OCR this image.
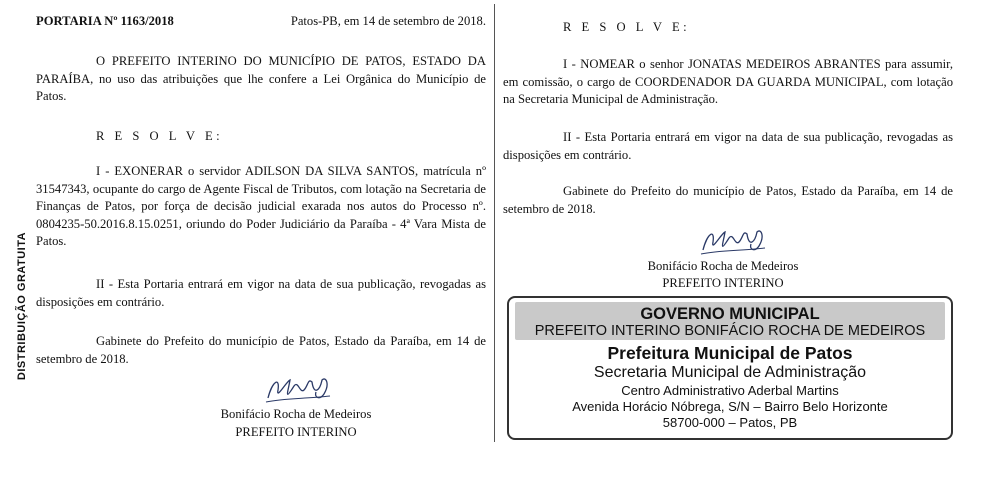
DISTRIBUIÇÃO GRATUITA
PORTARIA Nº 1163/2018	Patos-PB, em 14 de setembro de 2018.

O PREFEITO INTERINO DO MUNICÍPIO DE PATOS, ESTADO DA PARAÍBA, no uso das atribuições que lhe confere a Lei Orgânica do Município de Patos.

R E S O L V E:

I - EXONERAR o servidor ADILSON DA SILVA SANTOS, matrícula nº 31547343, ocupante do cargo de Agente Fiscal de Tributos, com lotação na Secretaria de Finanças de Patos, por força de decisão judicial exarada nos autos do Processo nº. 0804235-50.2016.8.15.0251, oriundo do Poder Judiciário da Paraíba - 4ª Vara Mista de Patos.

II - Esta Portaria entrará em vigor na data de sua publicação, revogadas as disposições em contrário.

Gabinete do Prefeito do município de Patos, Estado da Paraíba, em 14 de setembro de 2018.

Bonifácio Rocha de Medeiros
PREFEITO INTERINO
R E S O L V E:

I - NOMEAR o senhor JONATAS MEDEIROS ABRANTES para assumir, em comissão, o cargo de COORDENADOR DA GUARDA MUNICIPAL, com lotação na Secretaria Municipal de Administração.

II - Esta Portaria entrará em vigor na data de sua publicação, revogadas as disposições em contrário.

Gabinete do Prefeito do município de Patos, Estado da Paraíba, em 14 de setembro de 2018.

Bonifácio Rocha de Medeiros
PREFEITO INTERINO
GOVERNO MUNICIPAL
PREFEITO INTERINO BONIFÁCIO ROCHA DE MEDEIROS
Prefeitura Municipal de Patos
Secretaria Municipal de Administração
Centro Administrativo Aderbal Martins
Avenida Horácio Nóbrega, S/N – Bairro Belo Horizonte
58700-000 – Patos, PB
